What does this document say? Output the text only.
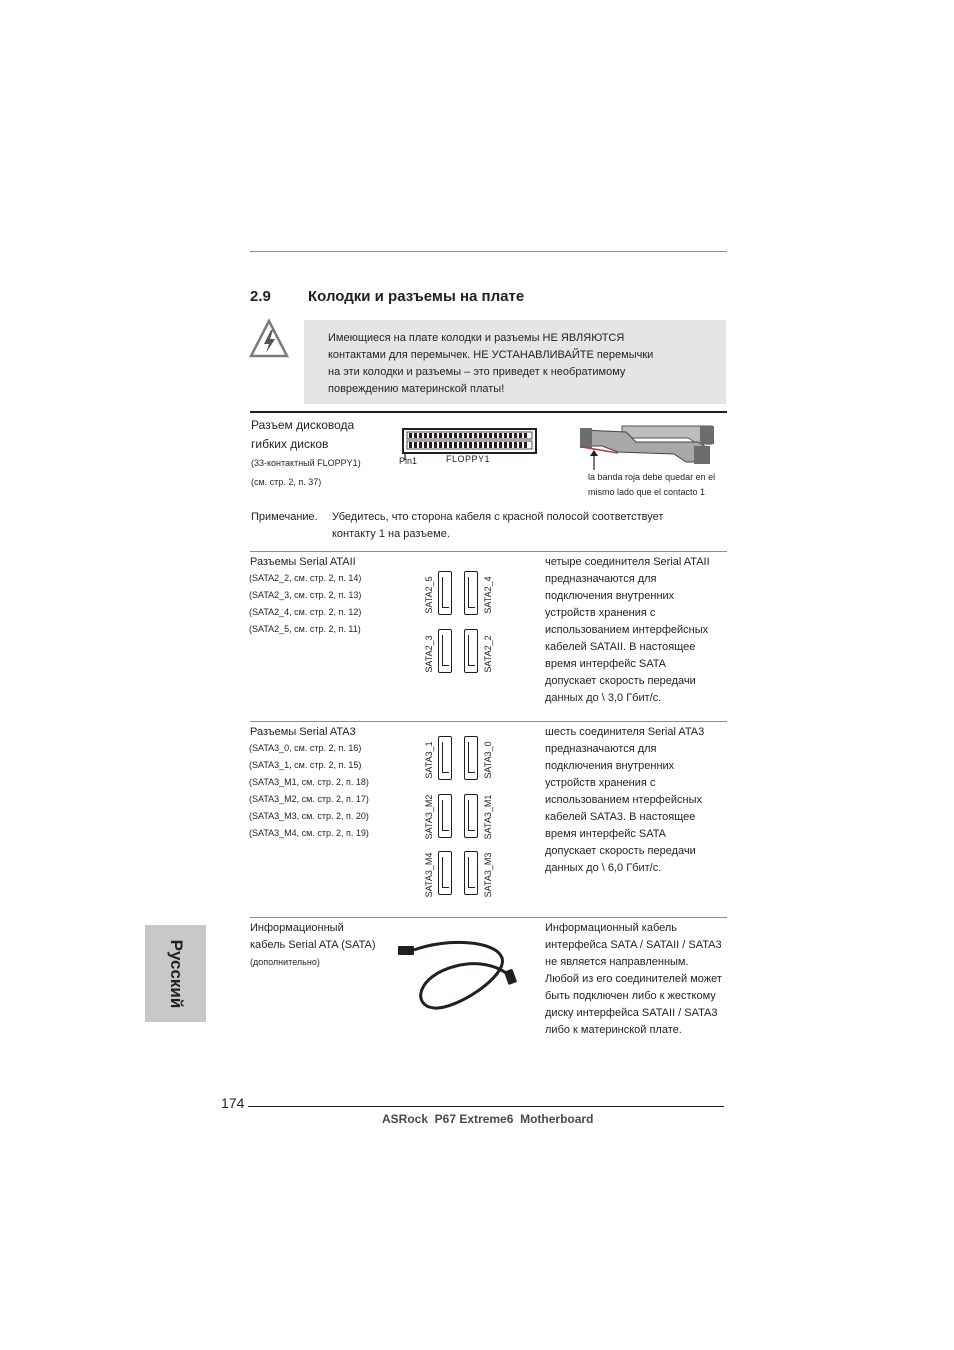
2.9 Колодки и разъемы на плате
Имеющиеся на плате колодки и разъемы НЕ ЯВЛЯЮТСЯ
контактами для перемычек. НЕ УСТАНАВЛИВАЙТЕ перемычки
на эти колодки и разъемы – это приведет к необратимому
повреждению материнской платы!
Разъем дисковода
гибких дисков
(33-контактный FLOPPY1)
(см. стр. 2, п. 37)
Pin1	FLOPPY1
la banda roja debe quedar en el
mismo lado que el contacto 1
Примечание. Убедитесь, что сторона кабеля с красной полосой соответствует
контакту 1 на разъеме.
Разъемы Serial ATAII
(SATA2_2, см. стр. 2, п. 14)
(SATA2_3, см. стр. 2, п. 13)
(SATA2_4, см. стр. 2, п. 12)
(SATA2_5, см. стр. 2, п. 11)
SATA2_5	SATA2_4
SATA2_3	SATA2_2
четыре соединителя Serial ATAII
предназначаются для
подключения внутренних
устройств хранения с
использованием интерфейсных
кабелей SATAII. В настоящее
время интерфейс SATA
допускает скорость передачи
данных до \ 3,0 Гбит/с.
Разъемы Serial ATA3
(SATA3_0, см. стр. 2, п. 16)
(SATA3_1, см. стр. 2, п. 15)
(SATA3_M1, см. стр. 2, п. 18)
(SATA3_M2, см. стр. 2, п. 17)
(SATA3_M3, см. стр. 2, п. 20)
(SATA3_M4, см. стр. 2, п. 19)
SATA3_1	SATA3_0
SATA3_M2	SATA3_M1
SATA3_M4	SATA3_M3
шесть соединителя Serial ATA3
предназначаются для
подключения внутренних
устройств хранения с
использованием нтерфейсных
кабелей SATA3. В настоящее
время интерфейс SATA
допускает скорость передачи
данных до \ 6,0 Гбит/с.
Информационный
кабель Serial ATA (SATA)
(дополнительно)
Информационный кабель
интерфейса SATA / SATAII / SATA3
не является направленным.
Любой из его соединителей может
быть подключен либо к жесткому
диску интерфейса SATAII / SATA3
либо к материнской плате.
Русский
174
ASRock  P67 Extreme6  Motherboard
